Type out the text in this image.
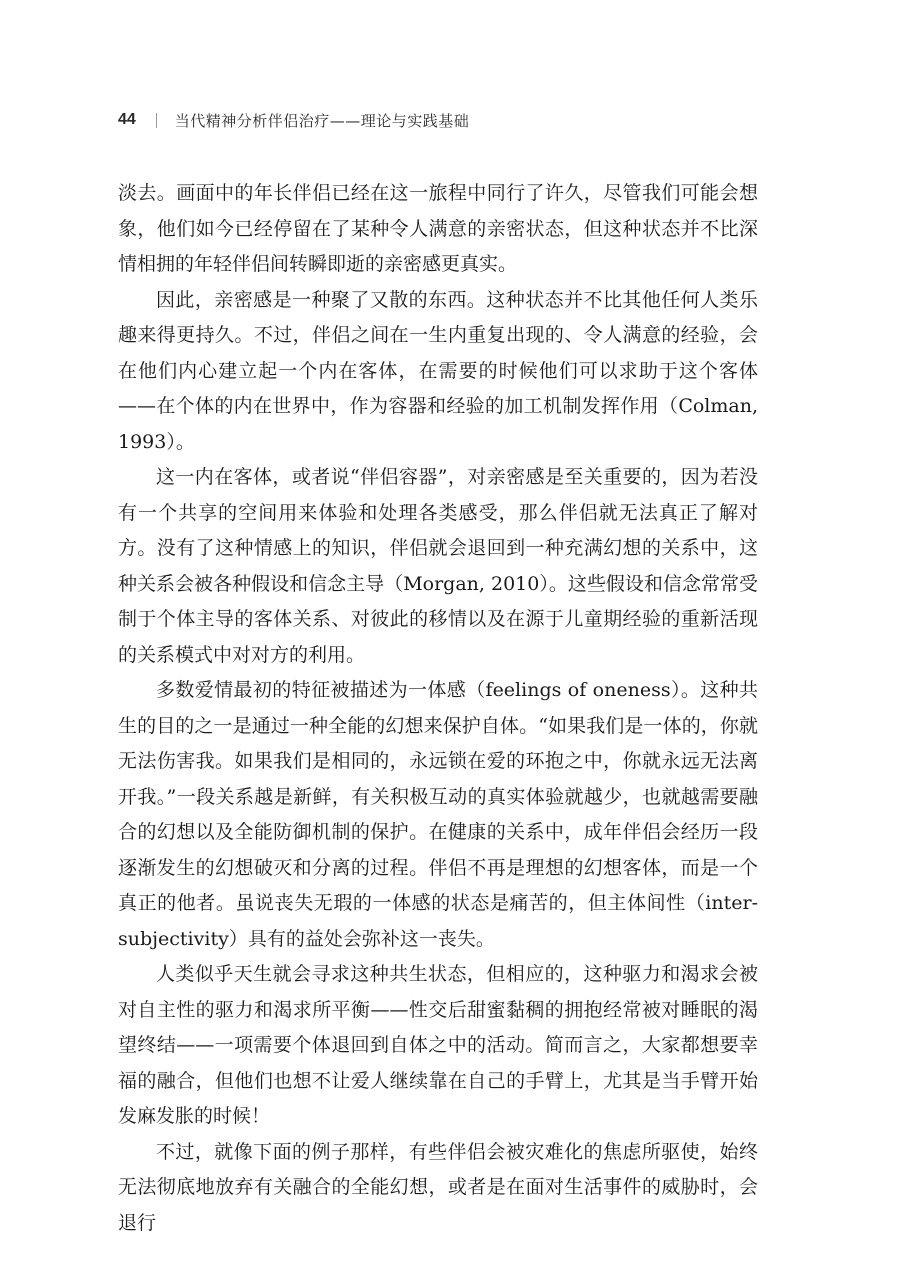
44	当代精神分析伴侣治疗——理论与实践基础

淡去。画面中的年长伴侣已经在这一旅程中同行了许久，尽管我们可能会想象，他们如今已经停留在了某种令人满意的亲密状态，但这种状态并不比深情相拥的年轻伴侣间转瞬即逝的亲密感更真实。

因此，亲密感是一种聚了又散的东西。这种状态并不比其他任何人类乐趣来得更持久。不过，伴侣之间在一生内重复出现的、令人满意的经验，会在他们内心建立起一个内在客体，在需要的时候他们可以求助于这个客体——在个体的内在世界中，作为容器和经验的加工机制发挥作用（Colman, 1993）。

这一内在客体，或者说“伴侣容器”，对亲密感是至关重要的，因为若没有一个共享的空间用来体验和处理各类感受，那么伴侣就无法真正了解对方。没有了这种情感上的知识，伴侣就会退回到一种充满幻想的关系中，这种关系会被各种假设和信念主导（Morgan, 2010）。这些假设和信念常常受制于个体主导的客体关系、对彼此的移情以及在源于儿童期经验的重新活现的关系模式中对对方的利用。

多数爱情最初的特征被描述为一体感（feelings of oneness）。这种共生的目的之一是通过一种全能的幻想来保护自体。“如果我们是一体的，你就无法伤害我。如果我们是相同的，永远锁在爱的环抱之中，你就永远无法离开我。”一段关系越是新鲜，有关积极互动的真实体验就越少，也就越需要融合的幻想以及全能防御机制的保护。在健康的关系中，成年伴侣会经历一段逐渐发生的幻想破灭和分离的过程。伴侣不再是理想的幻想客体，而是一个真正的他者。虽说丧失无瑕的一体感的状态是痛苦的，但主体间性（inter-subjectivity）具有的益处会弥补这一丧失。

人类似乎天生就会寻求这种共生状态，但相应的，这种驱力和渴求会被对自主性的驱力和渴求所平衡——性交后甜蜜黏稠的拥抱经常被对睡眠的渴望终结——一项需要个体退回到自体之中的活动。简而言之，大家都想要幸福的融合，但他们也想不让爱人继续靠在自己的手臂上，尤其是当手臂开始发麻发胀的时候！

不过，就像下面的例子那样，有些伴侣会被灾难化的焦虑所驱使，始终无法彻底地放弃有关融合的全能幻想，或者是在面对生活事件的威胁时，会退行
